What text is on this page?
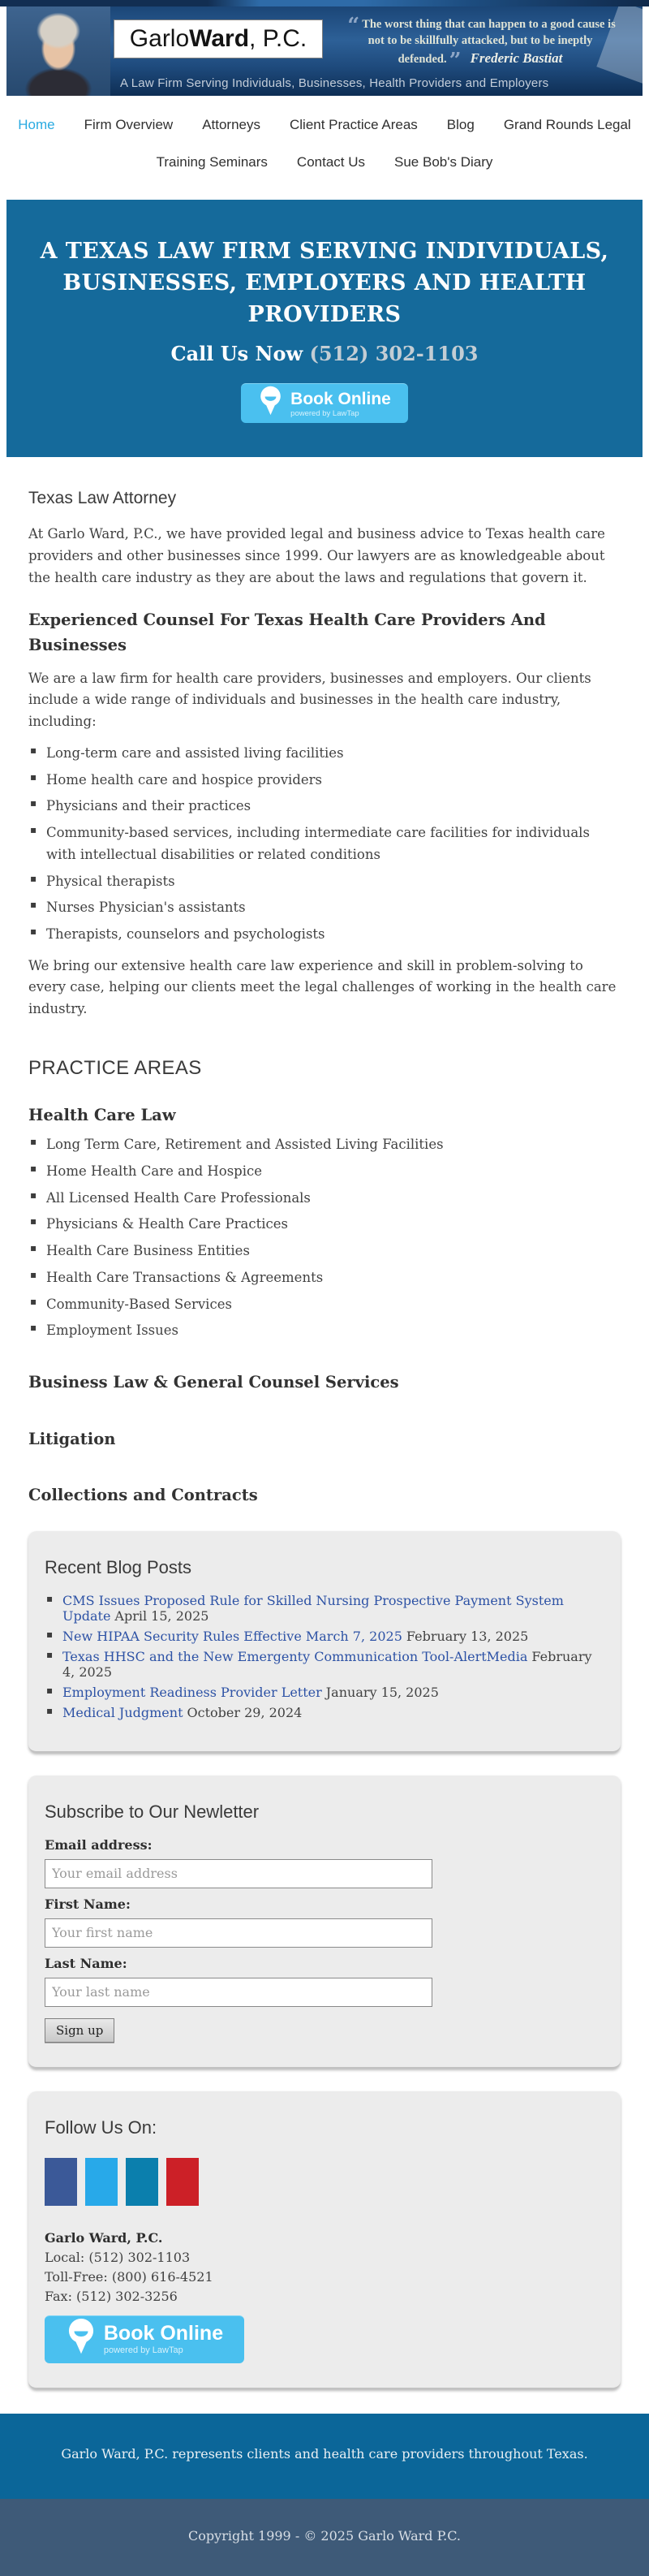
GarloWard, P.C.	“ The worst thing that can happen to a good cause is not to be skillfully attacked, but to be ineptly defended. ” Frederic Bastiat
A Law Firm Serving Individuals, Businesses, Health Providers and Employers
Home Firm Overview Attorneys Client Practice Areas Blog Grand Rounds Legal
Training Seminars Contact Us Sue Bob's Diary
A TEXAS LAW FIRM SERVING INDIVIDUALS, BUSINESSES, EMPLOYERS AND HEALTH PROVIDERS
Call Us Now (512) 302-1103
Book Online
powered by LawTap
Texas Law Attorney

At Garlo Ward, P.C., we have provided legal and business advice to Texas health care providers and other businesses since 1999. Our lawyers are as knowledgeable about the health care industry as they are about the laws and regulations that govern it.

Experienced Counsel For Texas Health Care Providers And Businesses

We are a law firm for health care providers, businesses and employers. Our clients include a wide range of individuals and businesses in the health care industry, including:

▪ Long-term care and assisted living facilities
▪ Home health care and hospice providers
▪ Physicians and their practices
▪ Community-based services, including intermediate care facilities for individuals with intellectual disabilities or related conditions
▪ Physical therapists
▪ Nurses Physician's assistants
▪ Therapists, counselors and psychologists

We bring our extensive health care law experience and skill in problem-solving to every case, helping our clients meet the legal challenges of working in the health care industry.

PRACTICE AREAS
Health Care Law
▪ Long Term Care, Retirement and Assisted Living Facilities
▪ Home Health Care and Hospice
▪ All Licensed Health Care Professionals
▪ Physicians & Health Care Practices
▪ Health Care Business Entities
▪ Health Care Transactions & Agreements
▪ Community-Based Services
▪ Employment Issues
Business Law & General Counsel Services
Litigation
Collections and Contracts
Recent Blog Posts
▪ CMS Issues Proposed Rule for Skilled Nursing Prospective Payment System Update April 15, 2025
▪ New HIPAA Security Rules Effective March 7, 2025 February 13, 2025
▪ Texas HHSC and the New Emergenty Communication Tool-AlertMedia February 4, 2025
▪ Employment Readiness Provider Letter January 15, 2025
▪ Medical Judgment October 29, 2024
Subscribe to Our Newletter
Email address:
Your email address
First Name:
Your first name
Last Name:
Your last name
Sign up
Follow Us On:

Garlo Ward, P.C.

Local: (512) 302-1103

Toll-Free: (800) 616-4521

Fax: (512) 302-3256

Book Online
powered by LawTap
Garlo Ward, P.C. represents clients and health care providers throughout Texas.
Copyright 1999 - © 2025 Garlo Ward P.C.
